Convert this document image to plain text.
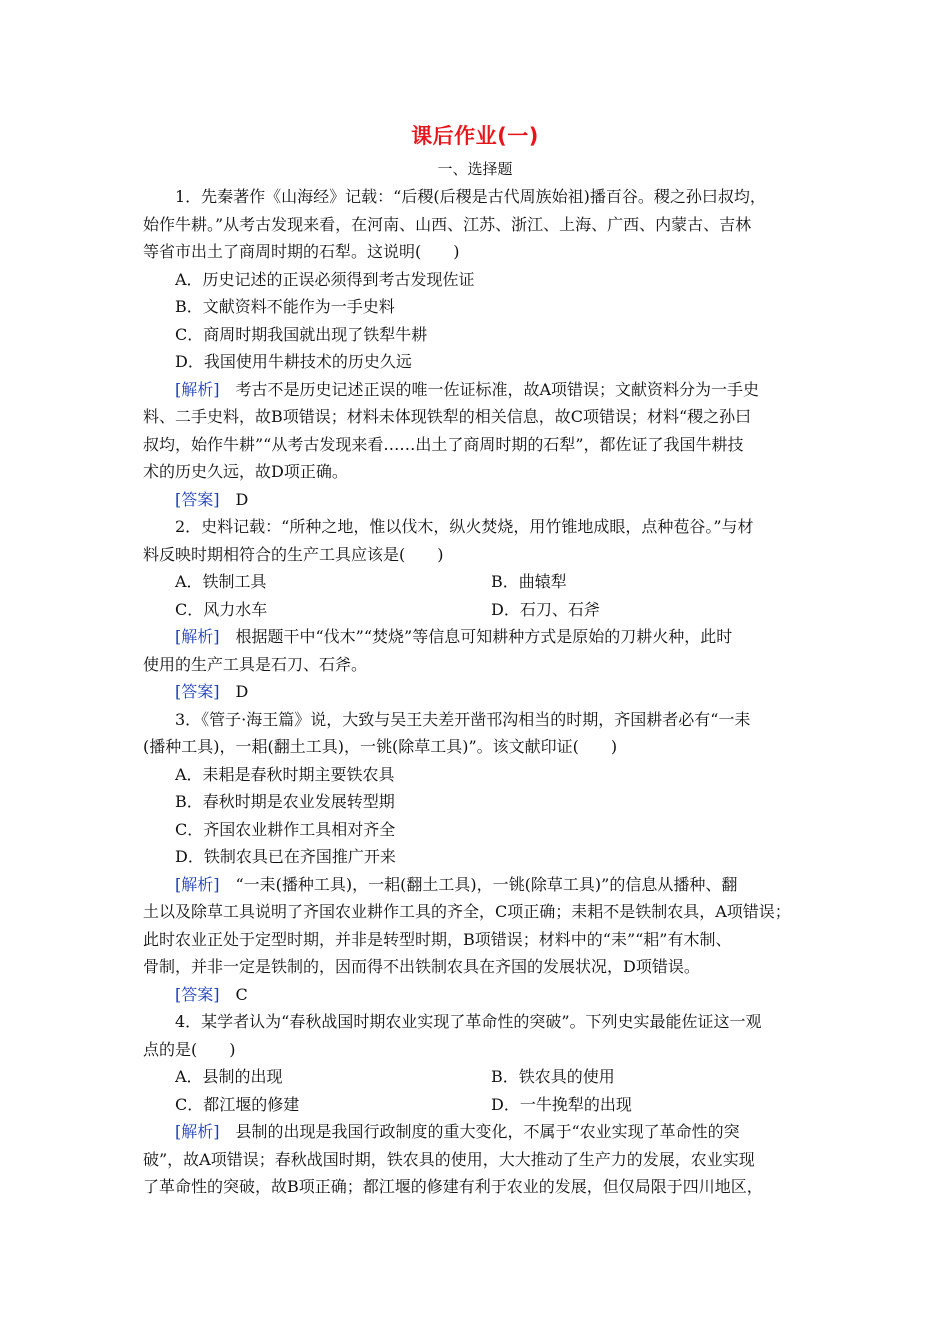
课后作业(一)
一、选择题
1．先秦著作《山海经》记载：“后稷(后稷是古代周族始祖)播百谷。稷之孙曰叔均，
始作牛耕。”从考古发现来看，在河南、山西、江苏、浙江、上海、广西、内蒙古、吉林
等省市出土了商周时期的石犁。这说明(　　)
A．历史记述的正误必须得到考古发现佐证
B．文献资料不能作为一手史料
C．商周时期我国就出现了铁犁牛耕
D．我国使用牛耕技术的历史久远
[解析]　考古不是历史记述正误的唯一佐证标准，故A项错误；文献资料分为一手史
料、二手史料，故B项错误；材料未体现铁犁的相关信息，故C项错误；材料“稷之孙曰
叔均，始作牛耕”“从考古发现来看……出土了商周时期的石犁”，都佐证了我国牛耕技
术的历史久远，故D项正确。
[答案]　D
2．史料记载：“所种之地，惟以伐木，纵火焚烧，用竹锥地成眼，点种苞谷。”与材
料反映时期相符合的生产工具应该是(　　)
A．铁制工具	B．曲辕犁
C．风力水车	D．石刀、石斧
[解析]　根据题干中“伐木”“焚烧”等信息可知耕种方式是原始的刀耕火种，此时
使用的生产工具是石刀、石斧。
[答案]　D
3．《管子·海王篇》说，大致与吴王夫差开凿邗沟相当的时期，齐国耕者必有“一耒
(播种工具)，一耜(翻土工具)，一铫(除草工具)”。该文献印证(　　)
A．耒耜是春秋时期主要铁农具
B．春秋时期是农业发展转型期
C．齐国农业耕作工具相对齐全
D．铁制农具已在齐国推广开来
[解析]　“一耒(播种工具)，一耜(翻土工具)，一铫(除草工具)”的信息从播种、翻
土以及除草工具说明了齐国农业耕作工具的齐全，C项正确；耒耜不是铁制农具，A项错误；
此时农业正处于定型时期，并非是转型时期，B项错误；材料中的“耒”“耜”有木制、
骨制，并非一定是铁制的，因而得不出铁制农具在齐国的发展状况，D项错误。
[答案]　C
4．某学者认为“春秋战国时期农业实现了革命性的突破”。下列史实最能佐证这一观
点的是(　　)
A．县制的出现	B．铁农具的使用
C．都江堰的修建	D．一牛挽犁的出现
[解析]　县制的出现是我国行政制度的重大变化，不属于“农业实现了革命性的突
破”，故A项错误；春秋战国时期，铁农具的使用，大大推动了生产力的发展，农业实现
了革命性的突破，故B项正确；都江堰的修建有利于农业的发展，但仅局限于四川地区，
